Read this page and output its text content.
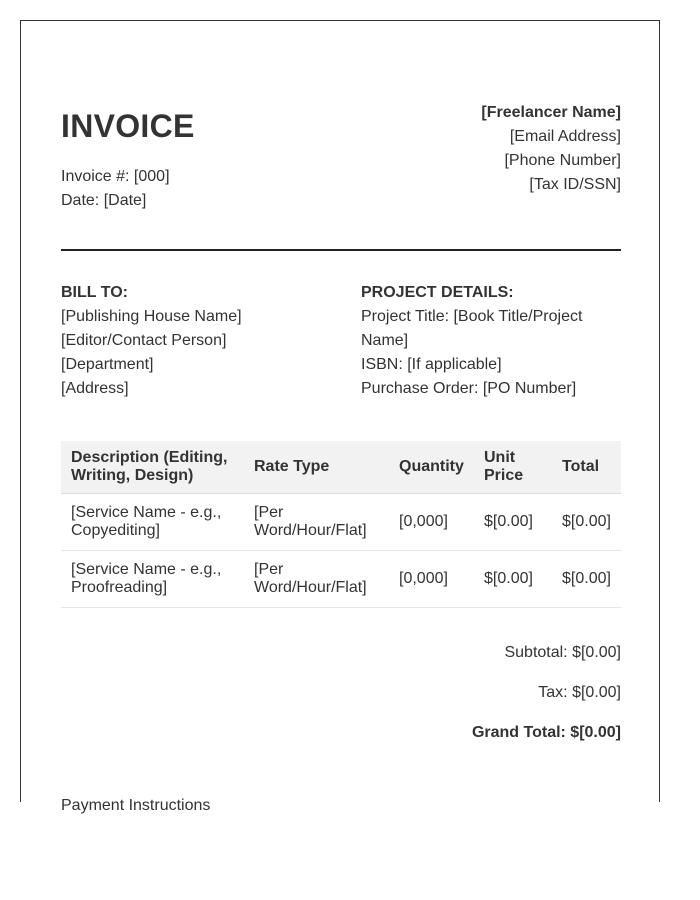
INVOICE
Invoice #: [000]
Date: [Date]
[Freelancer Name]
[Email Address]
[Phone Number]
[Tax ID/SSN]
BILL TO:
[Publishing House Name]
[Editor/Contact Person]
[Department]
[Address]
PROJECT DETAILS:
Project Title: [Book Title/Project Name]
ISBN: [If applicable]
Purchase Order: [PO Number]
Description (Editing, Writing, Design)	Rate Type	Quantity	Unit Price	Total
[Service Name - e.g., Copyediting]	[Per Word/Hour/Flat]	[0,000]	$[0.00]	$[0.00]
[Service Name - e.g., Proofreading]	[Per Word/Hour/Flat]	[0,000]	$[0.00]	$[0.00]
Subtotal: $[0.00]
Tax: $[0.00]
Grand Total: $[0.00]
Payment Instructions
